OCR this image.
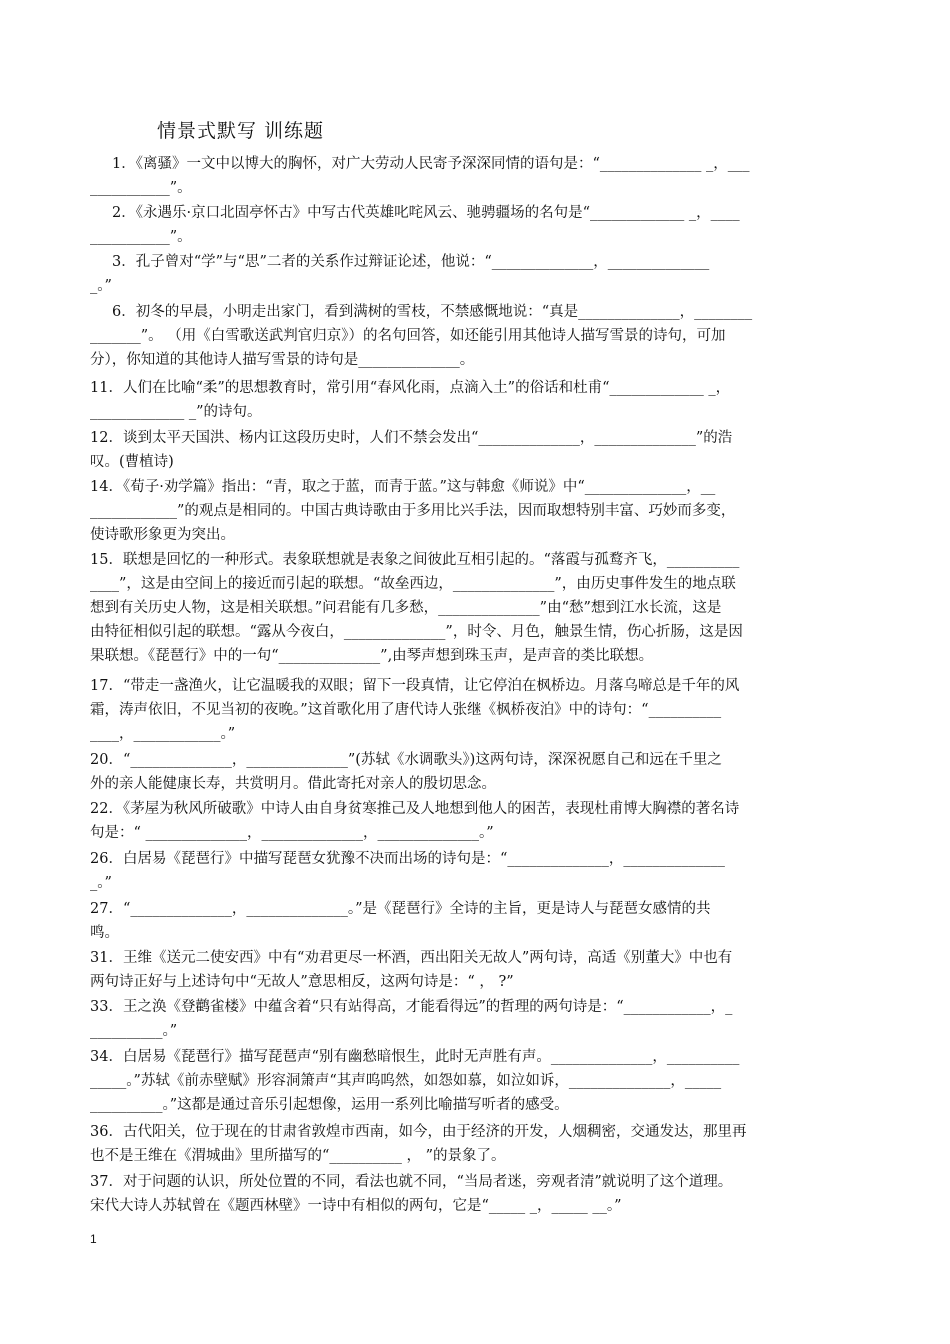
情景式默写 训练题
1．《离骚》一文中以博大的胸怀，对广大劳动人民寄予深深同情的语句是：“______________ _，___
___________”。
2．《永遇乐·京口北固亭怀古》中写古代英雄叱咤风云、驰骋疆场的名句是“_____________ _，____
___________”。
3．孔子曾对“学”与“思”二者的关系作过辩证论述，他说：“______________，______________
_。”
6．初冬的早晨，小明走出家门，看到满树的雪枝，不禁感慨地说：“真是______________，________
_______”。 （用《白雪歌送武判官归京》）的名句回答，如还能引用其他诗人描写雪景的诗句，可加
分），你知道的其他诗人描写雪景的诗句是______________。
11．人们在比喻“柔”的思想教育时，常引用“春风化雨，点滴入土”的俗话和杜甫“_____________ _，
_____________ _”的诗句。
12．谈到太平天国洪、杨内讧这段历史时，人们不禁会发出“______________，______________”的浩
叹。(曹植诗)
14．《荀子·劝学篇》指出：“青，取之于蓝，而青于蓝。”这与韩愈《师说》中“______________，__
____________”的观点是相同的。中国古典诗歌由于多用比兴手法，因而取想特别丰富、巧妙而多变，
使诗歌形象更为突出。
15．联想是回忆的一种形式。表象联想就是表象之间彼此互相引起的。“落霞与孤鹜齐飞，__________
____”，这是由空间上的接近而引起的联想。“故垒西边，______________”，由历史事件发生的地点联
想到有关历史人物，这是相关联想。”问君能有几多愁，______________”由“愁”想到江水长流，这是
由特征相似引起的联想。“露从今夜白，______________”，时令、月色，触景生情，伤心折肠，这是因
果联想。《琵琶行》中的一句“______________”,由琴声想到珠玉声，是声音的类比联想。
17．“带走一盏渔火，让它温暖我的双眼；留下一段真情，让它停泊在枫桥边。月落乌啼总是千年的风
霜，涛声依旧，不见当初的夜晚。”这首歌化用了唐代诗人张继《枫桥夜泊》中的诗句：“__________
____，____________。”
20．“______________，______________”(苏轼《水调歌头》)这两句诗，深深祝愿自己和远在千里之
外的亲人能健康长寿，共赏明月。借此寄托对亲人的殷切思念。
22．《茅屋为秋风所破歌》中诗人由自身贫寒推己及人地想到他人的困苦，表现杜甫博大胸襟的著名诗
句是：“ ______________，______________，______________。”
26．白居易《琵琶行》中描写琵琶女犹豫不决而出场的诗句是：“______________，______________
_。”
27．“______________，______________。”是《琵琶行》全诗的主旨，更是诗人与琵琶女感情的共
鸣。
31．王维《送元二使安西》中有“劝君更尽一杯酒，西出阳关无故人”两句诗，高适《别董大》中也有
两句诗正好与上述诗句中“无故人”意思相反，这两句诗是：“ ， ?”
33．王之涣《登鹳雀楼》中蕴含着“只有站得高，才能看得远”的哲理的两句诗是：“____________，_
__________。”
34．白居易《琵琶行》描写琵琶声“别有幽愁暗恨生，此时无声胜有声。______________，__________
_____。”苏轼《前赤壁赋》形容洞箫声“其声呜呜然，如怨如慕，如泣如诉，______________，_____
__________。”这都是通过音乐引起想像，运用一系列比喻描写听者的感受。
36．古代阳关，位于现在的甘肃省敦煌市西南，如今，由于经济的开发，人烟稠密，交通发达，那里再
也不是王维在《渭城曲》里所描写的“__________ ， ”的景象了。
37．对于问题的认识，所处位置的不同，看法也就不同，“当局者迷，旁观者清”就说明了这个道理。
宋代大诗人苏轼曾在《题西林壁》一诗中有相似的两句，它是“_____ _，_____ __。”
1
